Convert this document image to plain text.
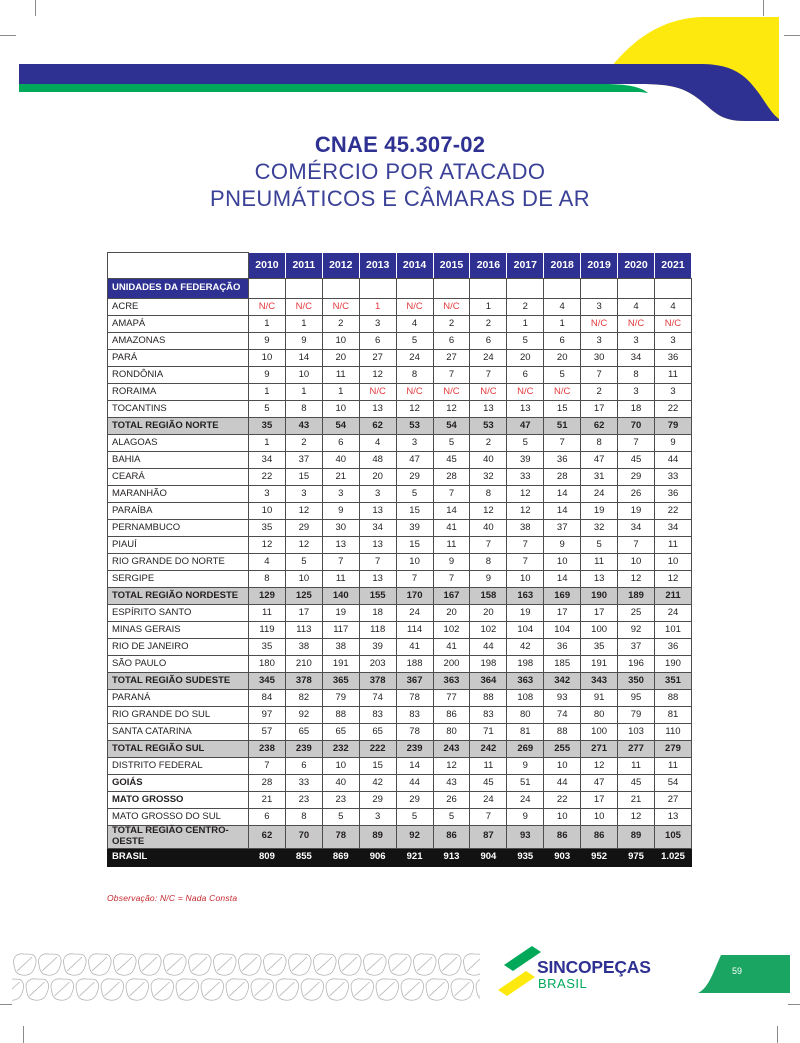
CNAE 45.307-02
COMÉRCIO POR ATACADO
PNEUMÁTICOS E CÂMARAS DE AR
	2010	2011	2012	2013	2014	2015	2016	2017	2018	2019	2020	2021
UNIDADES DA FEDERAÇÃO												
ACRE	N/C	N/C	N/C	1	N/C	N/C	1	2	4	3	4	4
AMAPÁ	1	1	2	3	4	2	2	1	1	N/C	N/C	N/C
AMAZONAS	9	9	10	6	5	6	6	5	6	3	3	3
PARÁ	10	14	20	27	24	27	24	20	20	30	34	36
RONDÔNIA	9	10	11	12	8	7	7	6	5	7	8	11
RORAIMA	1	1	1	N/C	N/C	N/C	N/C	N/C	N/C	2	3	3
TOCANTINS	5	8	10	13	12	12	13	13	15	17	18	22
TOTAL REGIÃO NORTE	35	43	54	62	53	54	53	47	51	62	70	79
ALAGOAS	1	2	6	4	3	5	2	5	7	8	7	9
BAHIA	34	37	40	48	47	45	40	39	36	47	45	44
CEARÁ	22	15	21	20	29	28	32	33	28	31	29	33
MARANHÃO	3	3	3	3	5	7	8	12	14	24	26	36
PARAÍBA	10	12	9	13	15	14	12	12	14	19	19	22
PERNAMBUCO	35	29	30	34	39	41	40	38	37	32	34	34
PIAUÍ	12	12	13	13	15	11	7	7	9	5	7	11
RIO GRANDE DO NORTE	4	5	7	7	10	9	8	7	10	11	10	10
SERGIPE	8	10	11	13	7	7	9	10	14	13	12	12
TOTAL REGIÃO NORDESTE	129	125	140	155	170	167	158	163	169	190	189	211
ESPÍRITO SANTO	11	17	19	18	24	20	20	19	17	17	25	24
MINAS GERAIS	119	113	117	118	114	102	102	104	104	100	92	101
RIO DE JANEIRO	35	38	38	39	41	41	44	42	36	35	37	36
SÃO PAULO	180	210	191	203	188	200	198	198	185	191	196	190
TOTAL REGIÃO SUDESTE	345	378	365	378	367	363	364	363	342	343	350	351
PARANÁ	84	82	79	74	78	77	88	108	93	91	95	88
RIO GRANDE DO SUL	97	92	88	83	83	86	83	80	74	80	79	81
SANTA CATARINA	57	65	65	65	78	80	71	81	88	100	103	110
TOTAL REGIÃO SUL	238	239	232	222	239	243	242	269	255	271	277	279
DISTRITO FEDERAL	7	6	10	15	14	12	11	9	10	12	11	11
GOIÁS	28	33	40	42	44	43	45	51	44	47	45	54
MATO GROSSO	21	23	23	29	29	26	24	24	22	17	21	27
MATO GROSSO DO SUL	6	8	5	3	5	5	7	9	10	10	12	13
TOTAL REGIÃO CENTRO-OESTE	62	70	78	89	92	86	87	93	86	86	89	105
BRASIL	809	855	869	906	921	913	904	935	903	952	975	1.025
Observação: N/C = Nada Consta
SINCOPEÇAS
BRASIL
59
